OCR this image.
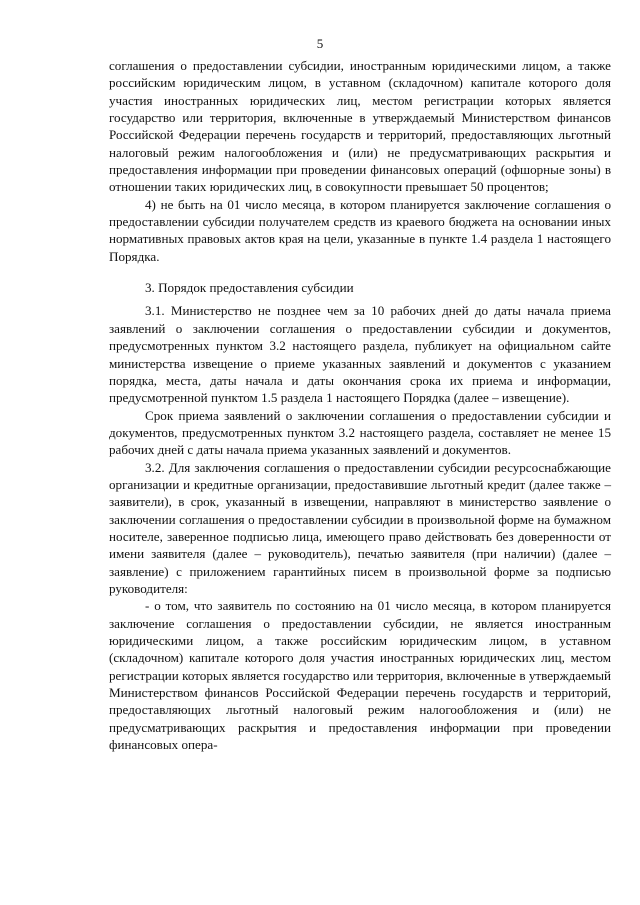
5

соглашения о предоставлении субсидии, иностранным юридическими лицом, а также российским юридическим лицом, в уставном (складочном) капитале которого доля участия иностранных юридических лиц, местом регистрации которых является государство или территория, включенные в утверждаемый Министерством финансов Российской Федерации перечень государств и территорий, предоставляющих льготный налоговый режим налогообложения и (или) не предусматривающих раскрытия и предоставления информации при проведении финансовых операций (офшорные зоны) в отношении таких юридических лиц, в совокупности превышает 50 процентов;

4) не быть на 01 число месяца, в котором планируется заключение соглашения о предоставлении субсидии получателем средств из краевого бюджета на основании иных нормативных правовых актов края на цели, указанные в пункте 1.4 раздела 1 настоящего Порядка.

3. Порядок предоставления субсидии

3.1. Министерство не позднее чем за 10 рабочих дней до даты начала приема заявлений о заключении соглашения о предоставлении субсидии и документов, предусмотренных пунктом 3.2 настоящего раздела, публикует на официальном сайте министерства извещение о приеме указанных заявлений и документов с указанием порядка, места, даты начала и даты окончания срока их приема и информации, предусмотренной пунктом 1.5 раздела 1 настоящего Порядка (далее – извещение).

Срок приема заявлений о заключении соглашения о предоставлении субсидии и документов, предусмотренных пунктом 3.2 настоящего раздела, составляет не менее 15 рабочих дней с даты начала приема указанных заявлений и документов.

3.2. Для заключения соглашения о предоставлении субсидии ресурсоснабжающие организации и кредитные организации, предоставившие льготный кредит (далее также – заявители), в срок, указанный в извещении, направляют в министерство заявление о заключении соглашения о предоставлении субсидии в произвольной форме на бумажном носителе, заверенное подписью лица, имеющего право действовать без доверенности от имени заявителя (далее – руководитель), печатью заявителя (при наличии) (далее – заявление) с приложением гарантийных писем в произвольной форме за подписью руководителя:

- о том, что заявитель по состоянию на 01 число месяца, в котором планируется заключение соглашения о предоставлении субсидии, не является иностранным юридическими лицом, а также российским юридическим лицом, в уставном (складочном) капитале которого доля участия иностранных юридических лиц, местом регистрации которых является государство или территория, включенные в утверждаемый Министерством финансов Российской Федерации перечень государств и территорий, предоставляющих льготный налоговый режим налогообложения и (или) не предусматривающих раскрытия и предоставления информации при проведении финансовых опера-
